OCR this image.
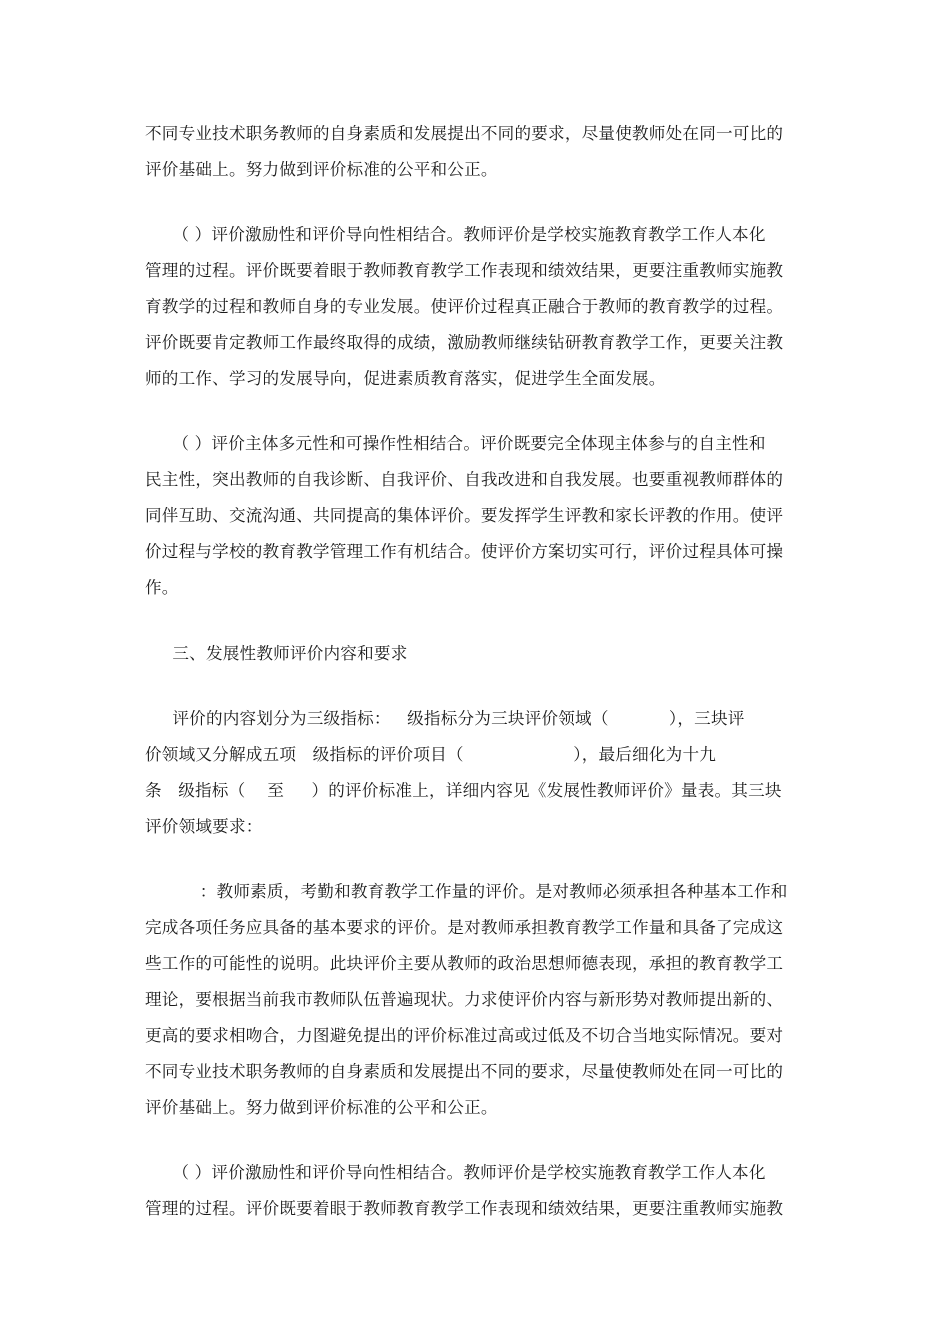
不同专业技术职务教师的自身素质和发展提出不同的要求，尽量使教师处在同一可比的
评价基础上。努力做到评价标准的公平和公正。
（ ）评价激励性和评价导向性相结合。教师评价是学校实施教育教学工作人本化
管理的过程。评价既要着眼于教师教育教学工作表现和绩效结果，更要注重教师实施教
育教学的过程和教师自身的专业发展。使评价过程真正融合于教师的教育教学的过程。
评价既要肯定教师工作最终取得的成绩，激励教师继续钻研教育教学工作，更要关注教
师的工作、学习的发展导向，促进素质教育落实，促进学生全面发展。
（ ）评价主体多元性和可操作性相结合。评价既要完全体现主体参与的自主性和
民主性，突出教师的自我诊断、自我评价、自我改进和自我发展。也要重视教师群体的
同伴互助、交流沟通、共同提高的集体评价。要发挥学生评教和家长评教的作用。使评
价过程与学校的教育教学管理工作有机结合。使评价方案切实可行，评价过程具体可操
作。
三、发展性教师评价内容和要求
评价的内容划分为三级指标：   级指标分为三块评价领域（           ），三块评
价领域又分解成五项   级指标的评价项目（                    ），最后细化为十九
条   级指标（    至     ）的评价标准上，详细内容见《发展性教师评价》量表。其三块
评价领域要求：
：教师素质，考勤和教育教学工作量的评价。是对教师必须承担各种基本工作和
完成各项任务应具备的基本要求的评价。是对教师承担教育教学工作量和具备了完成这
些工作的可能性的说明。此块评价主要从教师的政治思想师德表现，承担的教育教学工
理论，要根据当前我市教师队伍普遍现状。力求使评价内容与新形势对教师提出新的、
更高的要求相吻合，力图避免提出的评价标准过高或过低及不切合当地实际情况。要对
不同专业技术职务教师的自身素质和发展提出不同的要求，尽量使教师处在同一可比的
评价基础上。努力做到评价标准的公平和公正。
（ ）评价激励性和评价导向性相结合。教师评价是学校实施教育教学工作人本化
管理的过程。评价既要着眼于教师教育教学工作表现和绩效结果，更要注重教师实施教
